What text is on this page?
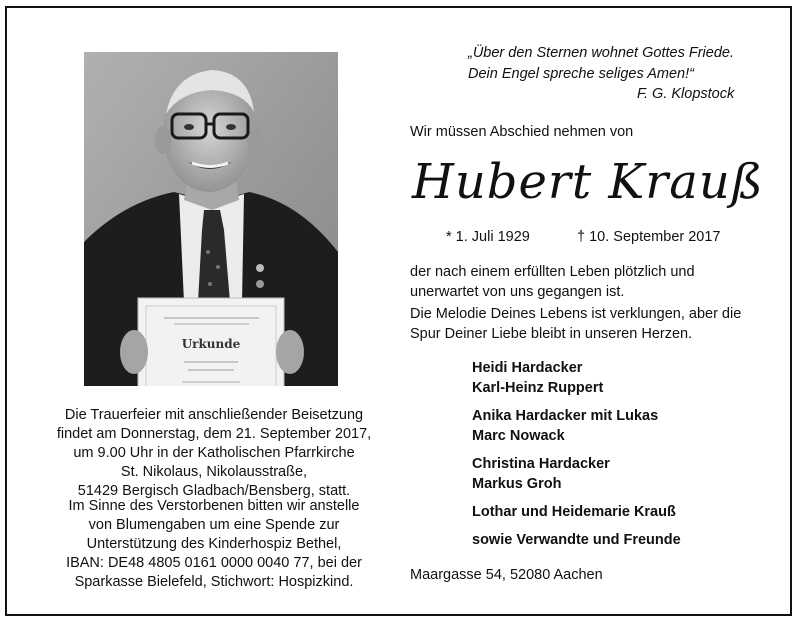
Urkunde
„Über den Sternen wohnet Gottes Friede.
Dein Engel spreche seliges Amen!“
F. G. Klopstock
Wir müssen Abschied nehmen von
Hubert Krauß
* 1. Juli 1929	† 10. September 2017
der nach einem erfüllten Leben plötzlich und
unerwartet von uns gegangen ist.
Die Melodie Deines Lebens ist verklungen, aber die
Spur Deiner Liebe bleibt in unseren Herzen.
Heidi Hardacker
Karl-Heinz Ruppert
Anika Hardacker mit Lukas
Marc Nowack
Christina Hardacker
Markus Groh
Lothar und Heidemarie Krauß
sowie Verwandte und Freunde
Maargasse 54, 52080 Aachen
Die Trauerfeier mit anschließender Beisetzung
findet am Donnerstag, dem 21. September 2017,
um 9.00 Uhr in der Katholischen Pfarrkirche
St. Nikolaus, Nikolausstraße,
51429 Bergisch Gladbach/Bensberg, statt.
Im Sinne des Verstorbenen bitten wir anstelle
von Blumengaben um eine Spende zur
Unterstützung des Kinderhospiz Bethel,
IBAN: DE48 4805 0161 0000 0040 77, bei der
Sparkasse Bielefeld, Stichwort: Hospizkind.
